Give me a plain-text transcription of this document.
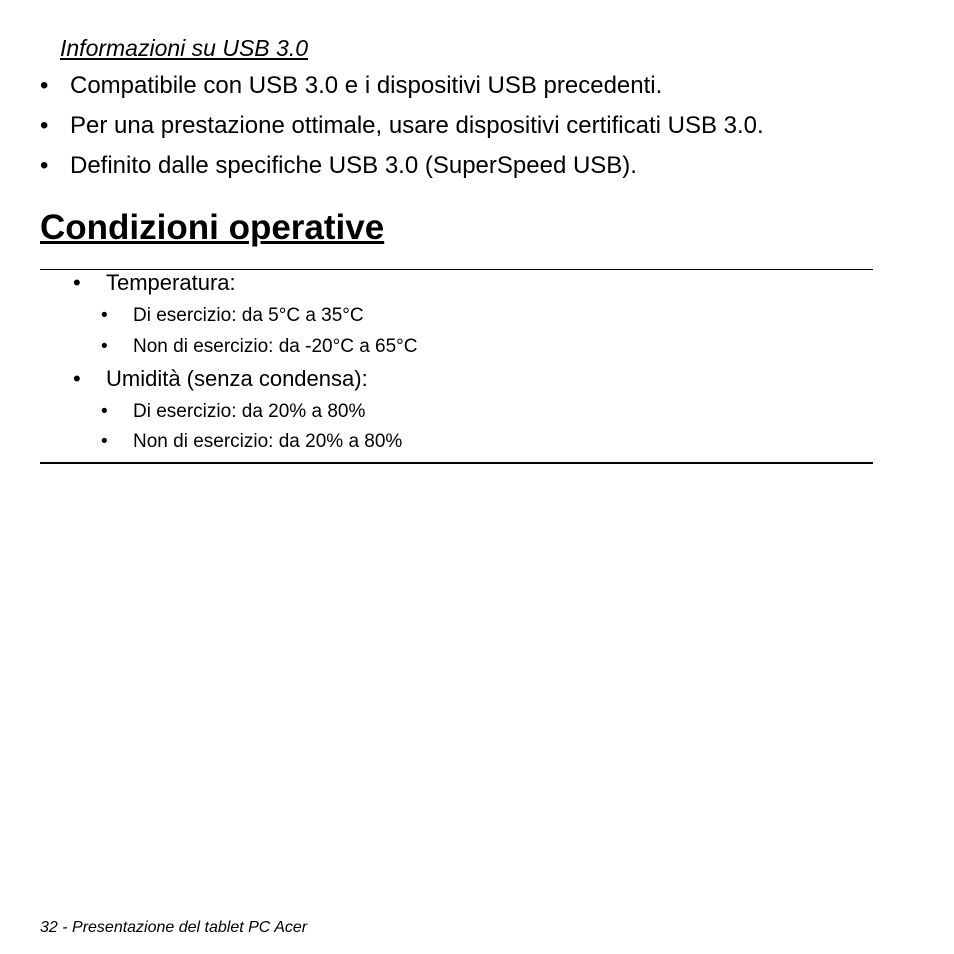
Informazioni su USB 3.0
• Compatibile con USB 3.0 e i dispositivi USB precedenti.
• Per una prestazione ottimale, usare dispositivi certificati USB 3.0.
• Definito dalle specifiche USB 3.0 (SuperSpeed USB).
Condizioni operative
• Temperatura:
• Di esercizio: da 5°C a 35°C
• Non di esercizio: da -20°C a 65°C
• Umidità (senza condensa):
• Di esercizio: da 20% a 80%
• Non di esercizio: da 20% a 80%
32 - Presentazione del tablet PC Acer
